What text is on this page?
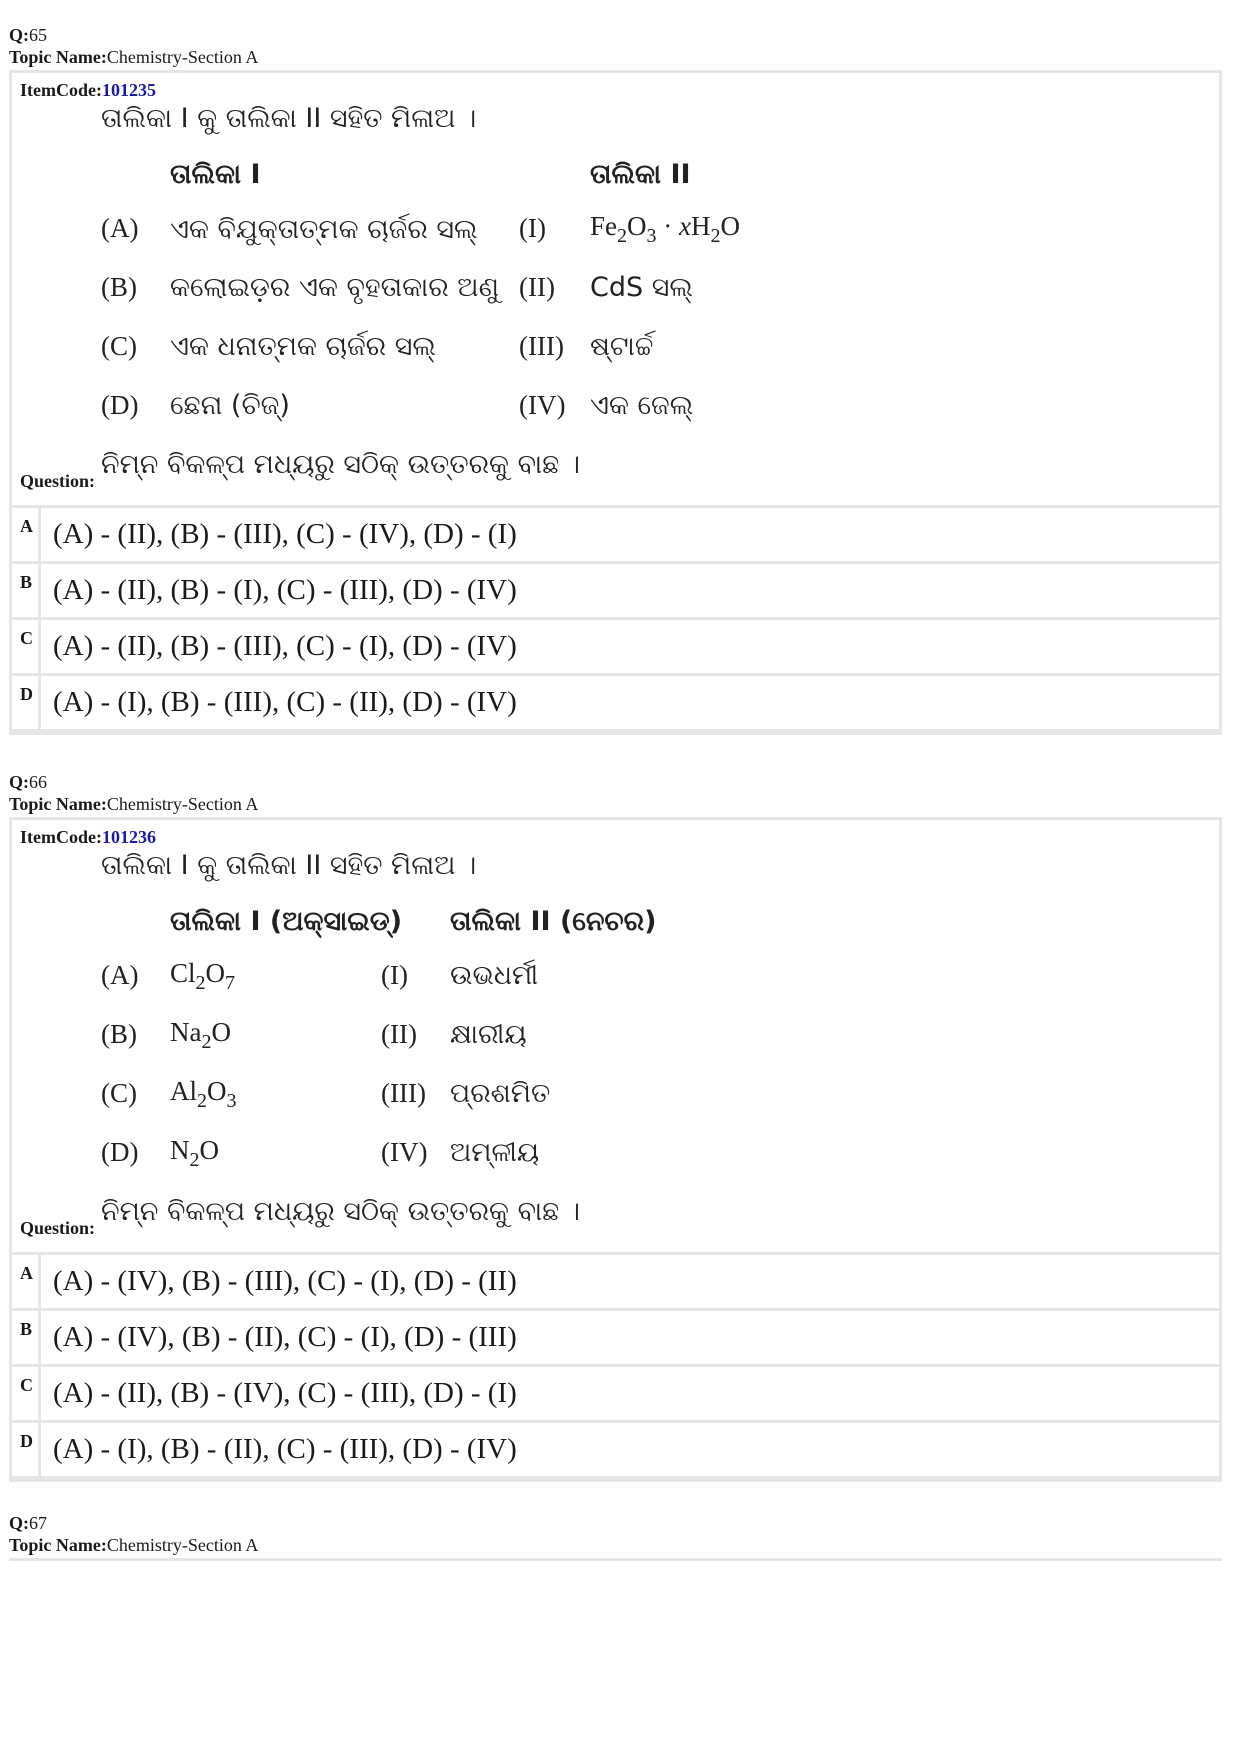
Q:65
Topic Name:Chemistry-Section A
ItemCode:101235
ତାଲିକା I କୁ ତାଲିକା II ସହିତ ମିଳାଅ ।
ତାଲିକା I	ତାଲିକା II
(A) ଏକ ବିଯୁକ୍ତାତ୍ମକ ଚାର୍ଜର ସଲ୍ (I) $Fe_2O_3 \cdot xH_2O$
(B) କଲୋଇଡ଼ର ଏକ ବୃହତାକାର ଅଣୁ (II) CdS ସଲ୍
(C) ଏକ ଧନାତ୍ମକ ଚାର୍ଜର ସଲ୍	(III) ଷ୍ଟାର୍ଚ୍ଚ
(D) ଛେନା (ଚିଜ୍)	(IV) ଏକ ଜେଲ୍
Question:
ନିମ୍ନ ବିକଳ୍ପ ମଧ୍ୟରୁ ସଠିକ୍ ଉତ୍ତରକୁ ବାଛ ।
A (A) - (II), (B) - (III), (C) - (IV), (D) - (I)
B (A) - (II), (B) - (I), (C) - (III), (D) - (IV)
C (A) - (II), (B) - (III), (C) - (I), (D) - (IV)
D (A) - (I), (B) - (III), (C) - (II), (D) - (IV)
Q:66
Topic Name:Chemistry-Section A
ItemCode:101236
ତାଲିକା I କୁ ତାଲିକା II ସହିତ ମିଳାଅ ।
ତାଲିକା I (ଅକ୍ସାଇଡ୍) ତାଲିକା II (ନେଚର)
(A) $Cl_2O_7$	(I) ଉଭଧର୍ମୀ
(B) $Na_2O$	(II) କ୍ଷାରୀୟ
(C) $Al_2O_3$	(III) ପ୍ରଶମିତ
(D) $N_2O$	(IV) ଅମ୍ଳୀୟ
Question:
ନିମ୍ନ ବିକଳ୍ପ ମଧ୍ୟରୁ ସଠିକ୍ ଉତ୍ତରକୁ ବାଛ ।
A (A) - (IV), (B) - (III), (C) - (I), (D) - (II)
B (A) - (IV), (B) - (II), (C) - (I), (D) - (III)
C (A) - (II), (B) - (IV), (C) - (III), (D) - (I)
D (A) - (I), (B) - (II), (C) - (III), (D) - (IV)
Q:67
Topic Name:Chemistry-Section A
